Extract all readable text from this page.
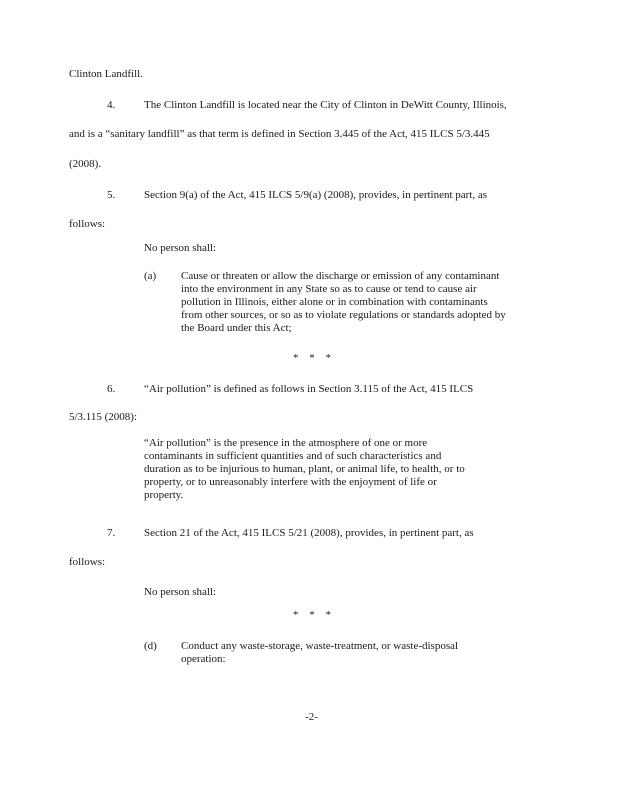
Clinton Landfill.
4.	The Clinton Landfill is located near the City of Clinton in DeWitt County, Illinois,
and is a “sanitary landfill” as that term is defined in Section 3.445 of the Act, 415 ILCS 5/3.445
(2008).
5.	Section 9(a) of the Act, 415 ILCS 5/9(a) (2008), provides, in pertinent part, as
follows:
No person shall:
(a) Cause or threaten or allow the discharge or emission of any contaminant
into the environment in any State so as to cause or tend to cause air
pollution in Illinois, either alone or in combination with contaminants
from other sources, or so as to violate regulations or standards adopted by
the Board under this Act;
* * *
6.	“Air pollution” is defined as follows in Section 3.115 of the Act, 415 ILCS
5/3.115 (2008):
“Air pollution” is the presence in the atmosphere of one or more
contaminants in sufficient quantities and of such characteristics and
duration as to be injurious to human, plant, or animal life, to health, or to
property, or to unreasonably interfere with the enjoyment of life or
property.
7.	Section 21 of the Act, 415 ILCS 5/21 (2008), provides, in pertinent part, as
follows:
No person shall:
* * *
(d) Conduct any waste-storage, waste-treatment, or waste-disposal
operation:
-2-
